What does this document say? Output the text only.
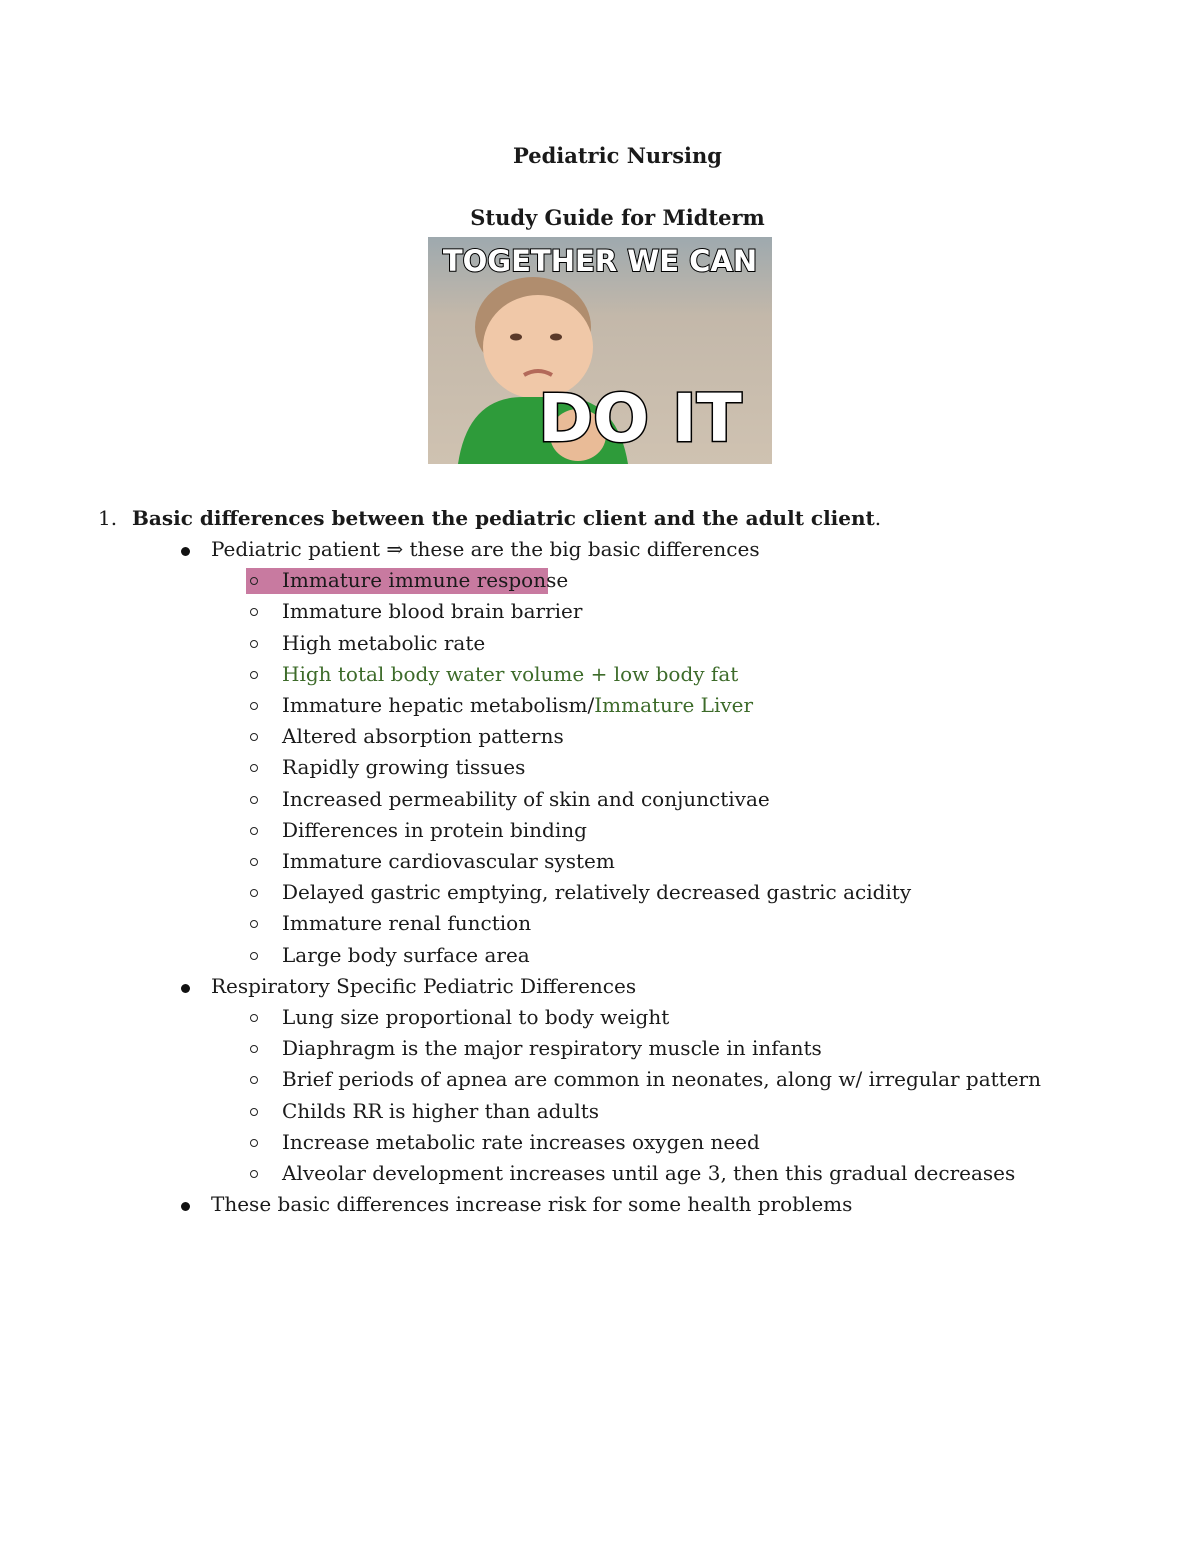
Pediatric Nursing
Study Guide for Midterm
TOGETHER WE CAN
DO IT
1. Basic differences between the pediatric client and the adult client.
Pediatric patient ⇒ these are the big basic differences
Immature immune response
Immature blood brain barrier
High metabolic rate
High total body water volume + low body fat
Immature hepatic metabolism/Immature Liver
Altered absorption patterns
Rapidly growing tissues
Increased permeability of skin and conjunctivae
Differences in protein binding
Immature cardiovascular system
Delayed gastric emptying, relatively decreased gastric acidity
Immature renal function
Large body surface area
Respiratory Specific Pediatric Differences
Lung size proportional to body weight
Diaphragm is the major respiratory muscle in infants
Brief periods of apnea are common in neonates, along w/ irregular pattern
Childs RR is higher than adults
Increase metabolic rate increases oxygen need
Alveolar development increases until age 3, then this gradual decreases
These basic differences increase risk for some health problems
